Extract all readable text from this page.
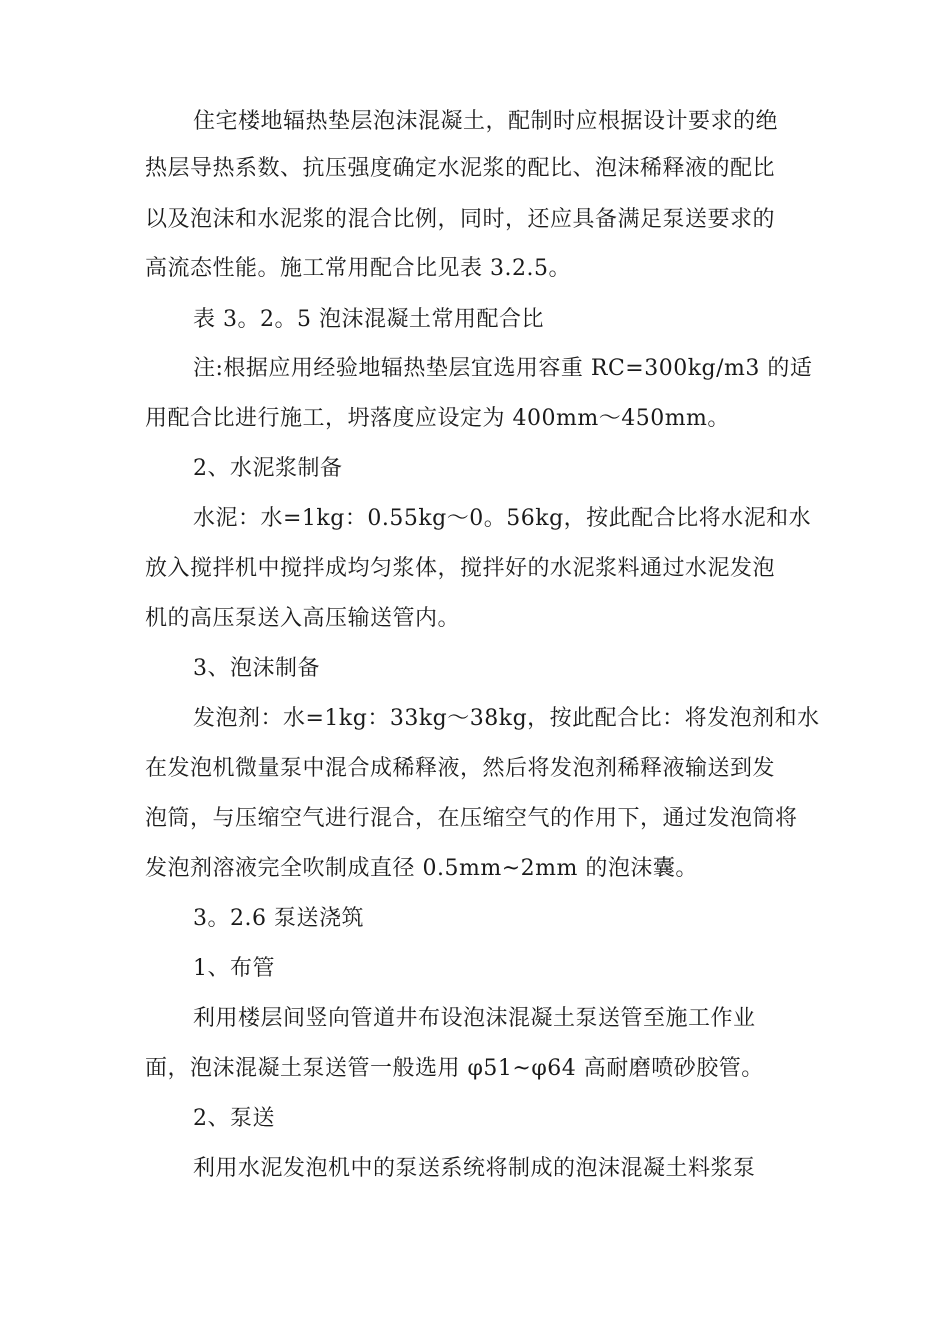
住宅楼地辐热垫层泡沫混凝土，配制时应根据设计要求的绝
热层导热系数、抗压强度确定水泥浆的配比、泡沫稀释液的配比
以及泡沫和水泥浆的混合比例，同时，还应具备满足泵送要求的
高流态性能。施工常用配合比见表 3.2.5。
表 3。2。5 泡沫混凝土常用配合比
注:根据应用经验地辐热垫层宜选用容重 RC=300kg/m3 的适
用配合比进行施工，坍落度应设定为 400mm～450mm。
2、水泥浆制备
水泥：水=1kg：0.55kg～0。56kg，按此配合比将水泥和水
放入搅拌机中搅拌成均匀浆体，搅拌好的水泥浆料通过水泥发泡
机的高压泵送入高压输送管内。
3、泡沫制备
发泡剂：水=1kg：33kg～38kg，按此配合比：将发泡剂和水
在发泡机微量泵中混合成稀释液，然后将发泡剂稀释液输送到发
泡筒，与压缩空气进行混合，在压缩空气的作用下，通过发泡筒将
发泡剂溶液完全吹制成直径 0.5mm~2mm 的泡沫囊。
3。2.6 泵送浇筑
1、布管
利用楼层间竖向管道井布设泡沫混凝土泵送管至施工作业
面，泡沫混凝土泵送管一般选用 φ51~φ64 高耐磨喷砂胶管。
2、泵送
利用水泥发泡机中的泵送系统将制成的泡沫混凝土料浆泵
